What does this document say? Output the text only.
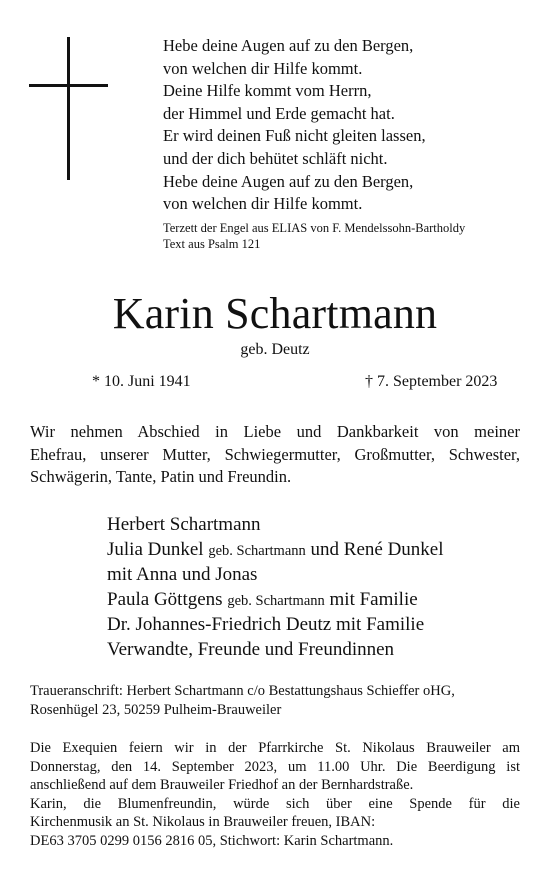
Hebe deine Augen auf zu den Bergen,
von welchen dir Hilfe kommt.
Deine Hilfe kommt vom Herrn,
der Himmel und Erde gemacht hat.
Er wird deinen Fuß nicht gleiten lassen,
und der dich behütet schläft nicht.
Hebe deine Augen auf zu den Bergen,
von welchen dir Hilfe kommt.
Terzett der Engel aus ELIAS von F. Mendelssohn-Bartholdy
Text aus Psalm 121
Karin Schartmann
geb. Deutz
* 10. Juni 1941	† 7. September 2023
Wir nehmen Abschied in Liebe und Dankbarkeit von meiner
Ehefrau, unserer Mutter, Schwiegermutter, Großmutter, Schwester,
Schwägerin, Tante, Patin und Freundin.
Herbert Schartmann
Julia Dunkel geb. Schartmann und René Dunkel
mit Anna und Jonas
Paula Göttgens geb. Schartmann mit Familie
Dr. Johannes-Friedrich Deutz mit Familie
Verwandte, Freunde und Freundinnen
Traueranschrift: Herbert Schartmann c/o Bestattungshaus Schieffer oHG,
Rosenhügel 23, 50259 Pulheim-Brauweiler
Die Exequien feiern wir in der Pfarrkirche St. Nikolaus Brauweiler am
Donnerstag, den 14. September 2023, um 11.00 Uhr. Die Beerdigung ist
anschließend auf dem Brauweiler Friedhof an der Bernhardstraße.
Karin, die Blumenfreundin, würde sich über eine Spende für die
Kirchenmusik an St. Nikolaus in Brauweiler freuen, IBAN:
DE63 3705 0299 0156 2816 05, Stichwort: Karin Schartmann.
